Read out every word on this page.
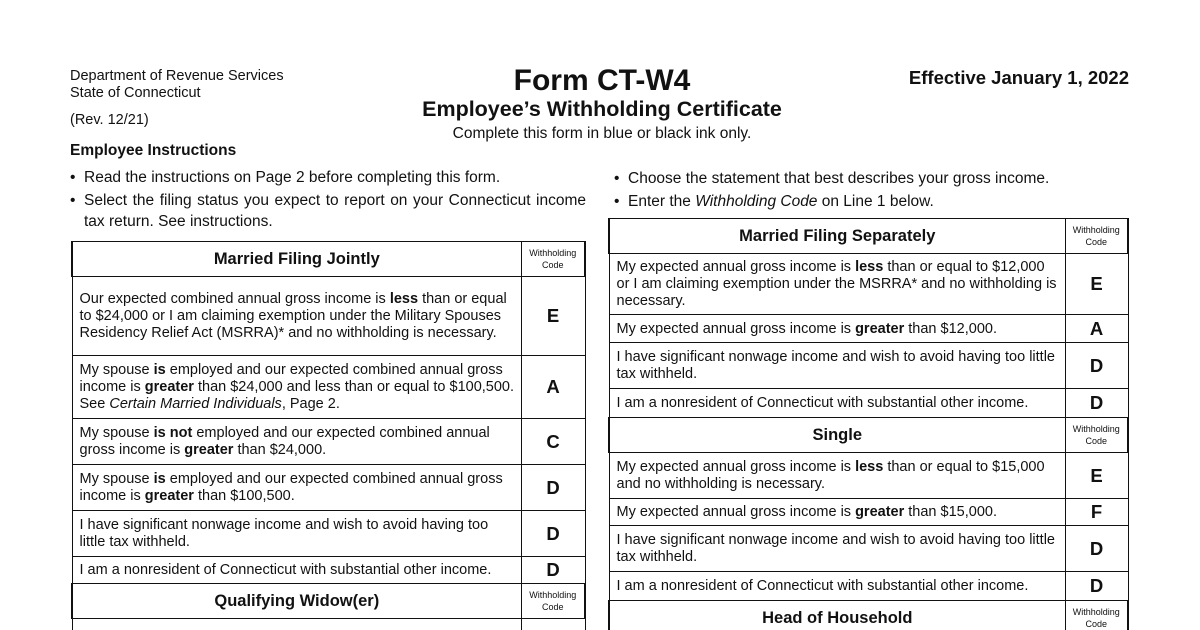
Department of Revenue Services
State of Connecticut
(Rev. 12/21)
Form CT-W4
Employee’s Withholding Certificate
Complete this form in blue or black ink only.
Effective January 1, 2022
Employee Instructions
• Read the instructions on Page 2 before completing this form.
• Select the filing status you expect to report on your Connecticut income tax return. See instructions.
• Choose the statement that best describes your gross income.
• Enter the Withholding Code on Line 1 below.
Married Filing Jointly	Withholding
Code
Our expected combined annual gross income is less than or equal to $24,000 or I am claiming exemption under the Military Spouses Residency Relief Act (MSRRA)* and no withholding is necessary.	E
My spouse is employed and our expected combined annual gross income is greater than $24,000 and less than or equal to $100,500. See Certain Married Individuals, Page 2.	A
My spouse is not employed and our expected combined annual gross income is greater than $24,000.	C
My spouse is employed and our expected combined annual gross income is greater than $100,500.	D
I have significant nonwage income and wish to avoid having too little tax withheld.	D
I am a nonresident of Connecticut with substantial other income.	D
Qualifying Widow(er)	Withholding
Code

Married Filing Separately	Withholding
Code
My expected annual gross income is less than or equal to $12,000 or I am claiming exemption under the MSRRA* and no withholding is necessary.	E
My expected annual gross income is greater than $12,000.	A
I have significant nonwage income and wish to avoid having too little tax withheld.	D
I am a nonresident of Connecticut with substantial other income.	D
Single	Withholding
Code
My expected annual gross income is less than or equal to $15,000 and no withholding is necessary.	E
My expected annual gross income is greater than $15,000.	F
I have significant nonwage income and wish to avoid having too little tax withheld.	D
I am a nonresident of Connecticut with substantial other income.	D
Head of Household	Withholding
Code
